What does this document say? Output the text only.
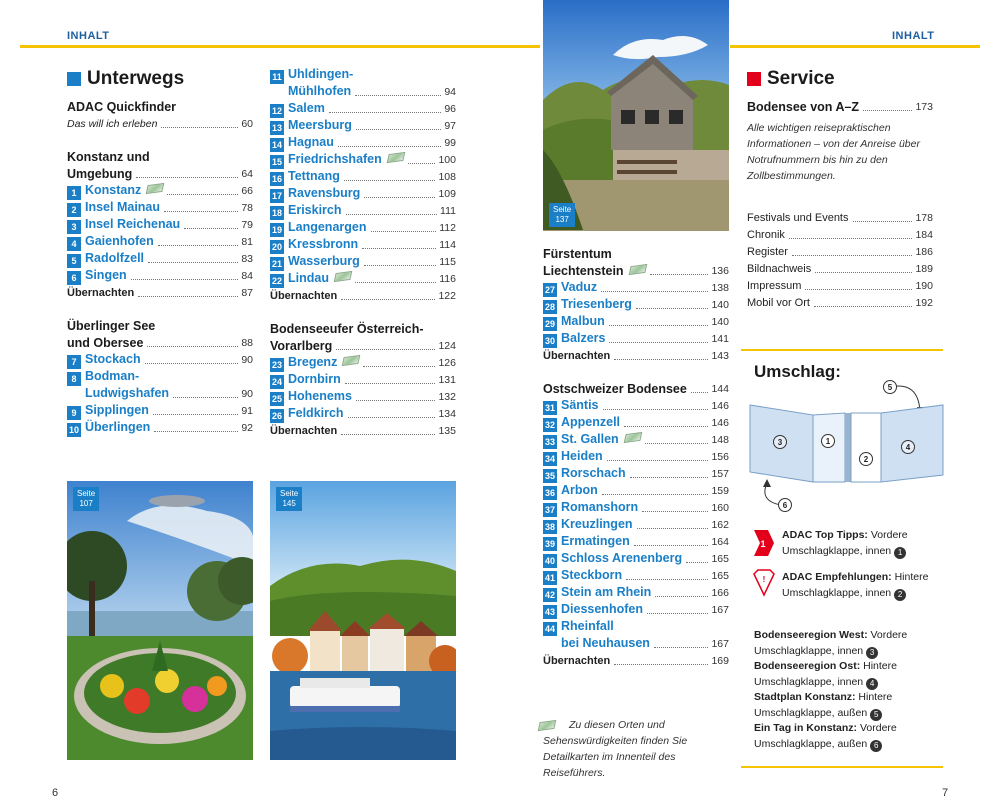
INHALT	INHALT
Unterwegs
ADAC Quickfinder
Das will ich erleben	60
Konstanz und
Umgebung	64
1 Konstanz	66
2 Insel Mainau	78
3 Insel Reichenau	79
4 Gaienhofen	81
5 Radolfzell	83
6 Singen	84
Übernachten	87
Überlinger See
und Obersee	88
7 Stockach	90
8 Bodman-
Ludwigshafen	90
9 Sipplingen	91
10 Überlingen	92
11 Uhldingen-
Mühlhofen	94
12 Salem	96
13 Meersburg	97
14 Hagnau	99
15 Friedrichshafen	100
16 Tettnang	108
17 Ravensburg	109
18 Eriskirch	111
19 Langenargen	112
20 Kressbronn	114
21 Wasserburg	115
22 Lindau	116
Übernachten	122
Bodenseeufer Österreich-
Vorarlberg	124
23 Bregenz	126
24 Dornbirn	131
25 Hohenems	132
26 Feldkirch	134
Übernachten	135
Seite
107
Seite
145
Seite
137
Fürstentum
Liechtenstein	136
27 Vaduz	138
28 Triesenberg	140
29 Malbun	140
30 Balzers	141
Übernachten	143
Ostschweizer Bodensee 144
31 Säntis	146
32 Appenzell	146
33 St. Gallen	148
34 Heiden	156
35 Rorschach	157
36 Arbon	159
37 Romanshorn	160
38 Kreuzlingen	162
39 Ermatingen	164
40 Schloss Arenenberg	165
41 Steckborn	165
42 Stein am Rhein	166
43 Diessenhofen	167
44 Rheinfall
bei Neuhausen	167
Übernachten	169
Zu diesen Orten und Sehenswürdigkeiten finden Sie Detailkarten im Innenteil des Reiseführers.
Service
Bodensee von A–Z	173
Alle wichtigen reisepraktischen Informationen – von der Anreise über Notrufnummern bis hin zu den Zollbestimmungen.
Festivals und Events	178
Chronik	184
Register	186
Bildnachweis	189
Impressum	190
Mobil vor Ort	192
Umschlag:
1
2
3
4
5
6
1
ADAC Top Tipps: Vordere
Umschlagklappe, innen 1
! ADAC Empfehlungen: Hintere
Umschlagklappe, innen 2
Bodenseeregion West: Vordere
Umschlagklappe, innen 3
Bodenseeregion Ost: Hintere
Umschlagklappe, innen 4
Stadtplan Konstanz: Hintere
Umschlagklappe, außen 5
Ein Tag in Konstanz: Vordere
Umschlagklappe, außen 6
6	7
